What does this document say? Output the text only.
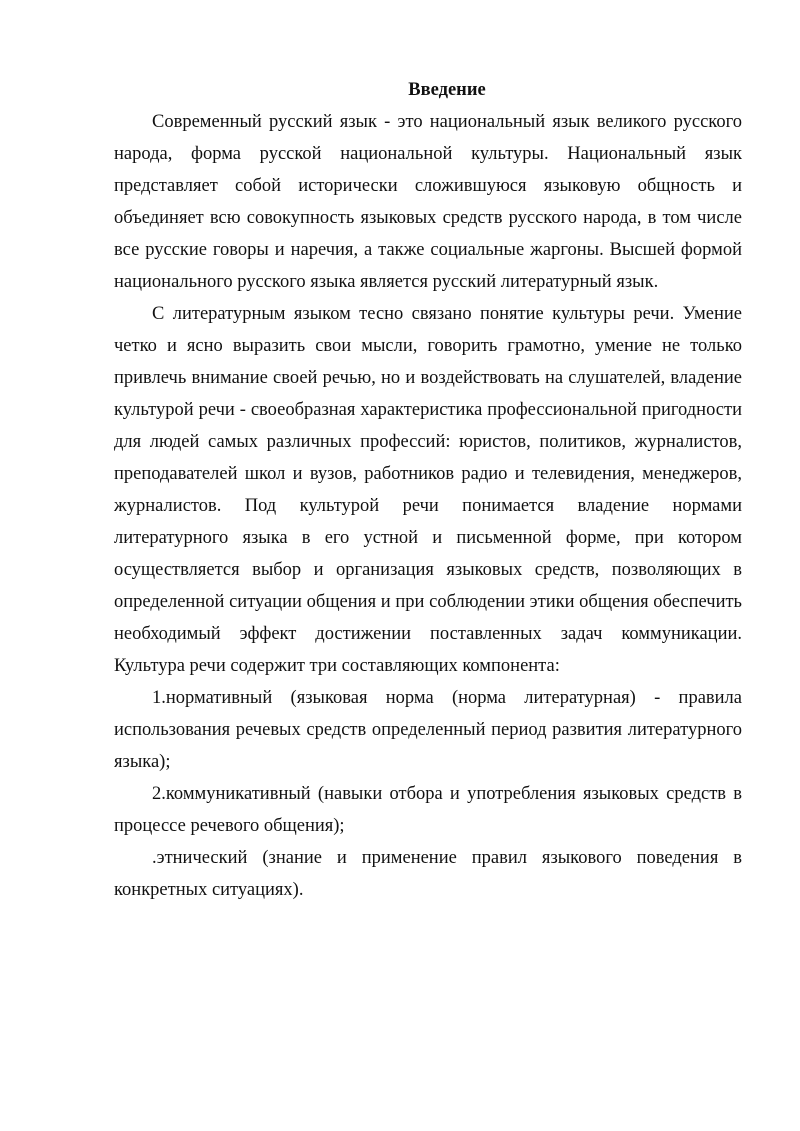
Введение

Современный русский язык - это национальный язык великого русского народа, форма русской национальной культуры. Национальный язык представляет собой исторически сложившуюся языковую общность и объединяет всю совокупность языковых средств русского народа, в том числе все русские говоры и наречия, а также социальные жаргоны. Высшей формой национального русского языка является русский литературный язык.

С литературным языком тесно связано понятие культуры речи. Умение четко и ясно выразить свои мысли, говорить грамотно, умение не только привлечь внимание своей речью, но и воздействовать на слушателей, владение культурой речи - своеобразная характеристика профессиональной пригодности для людей самых различных профессий: юристов, политиков, журналистов, преподавателей школ и вузов, работников радио и телевидения, менеджеров, журналистов. Под культурой речи понимается владение нормами литературного языка в его устной и письменной форме, при котором осуществляется выбор и организация языковых средств, позволяющих в определенной ситуации общения и при соблюдении этики общения обеспечить необходимый эффект достижении поставленных задач коммуникации. Культура речи содержит три составляющих компонента:

1.нормативный (языковая норма (норма литературная) - правила использования речевых средств определенный период развития литературного языка);

2.коммуникативный (навыки отбора и употребления языковых средств в процессе речевого общения);

.этнический (знание и применение правил языкового поведения в конкретных ситуациях).
